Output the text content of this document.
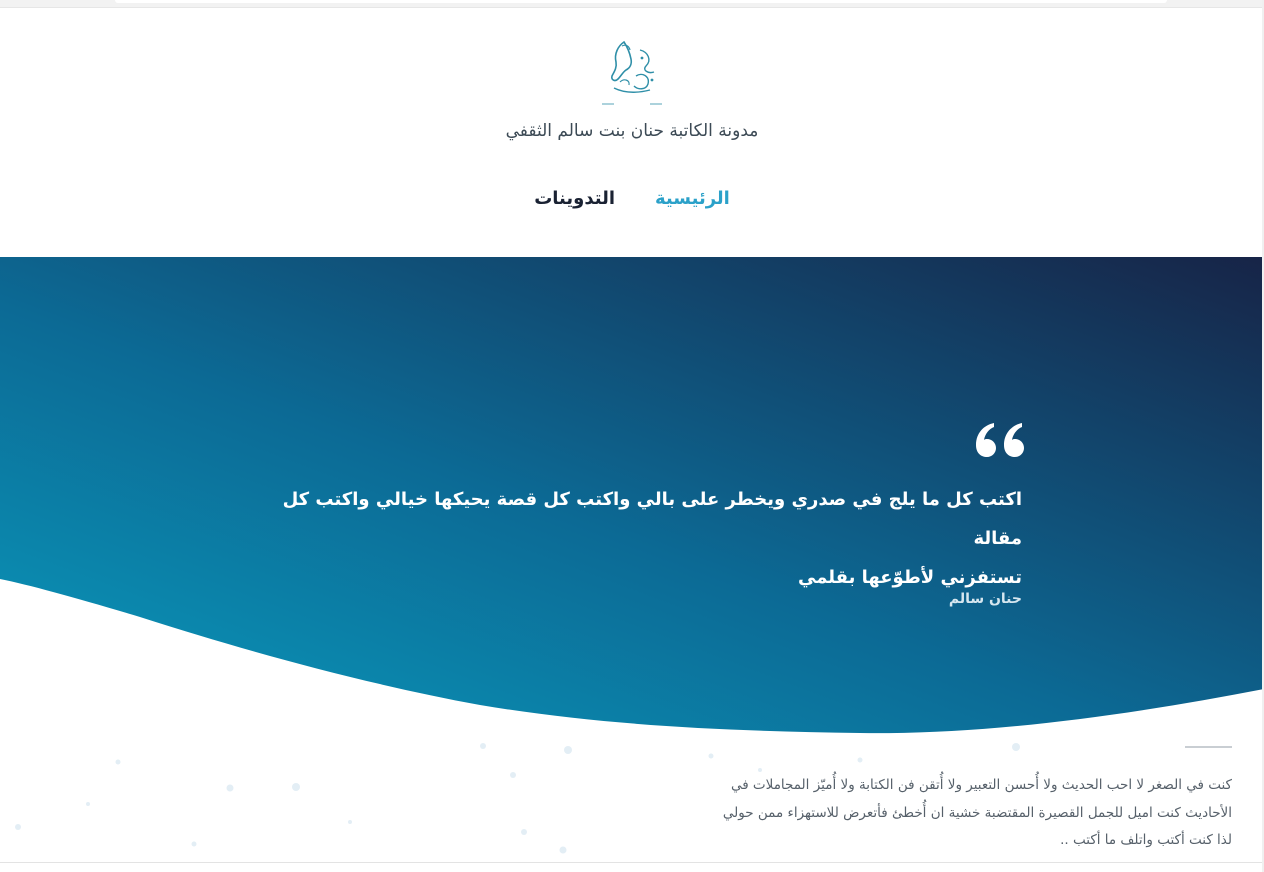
مدونة الكاتبة حنان بنت سالم الثقفي
الرئيسية
التدوينات
اكتب كل ما يلج في صدري ويخطر على بالي واكتب كل قصة يحيكها خيالي واكتب كل مقالة
تستفزني لأطوّعها بقلمي
حنان سالم

كنت في الصغر لا احب الحديث ولا أُحسن التعبير ولا أُتقن فن الكتابة ولا أُميّز المجاملات في

الأحاديث كنت اميل للجمل القصيرة المقتضبة خشية ان أُخطئ فأتعرض للاستهزاء ممن حولي

لذا كنت أكتب واتلف ما أكتب ..
